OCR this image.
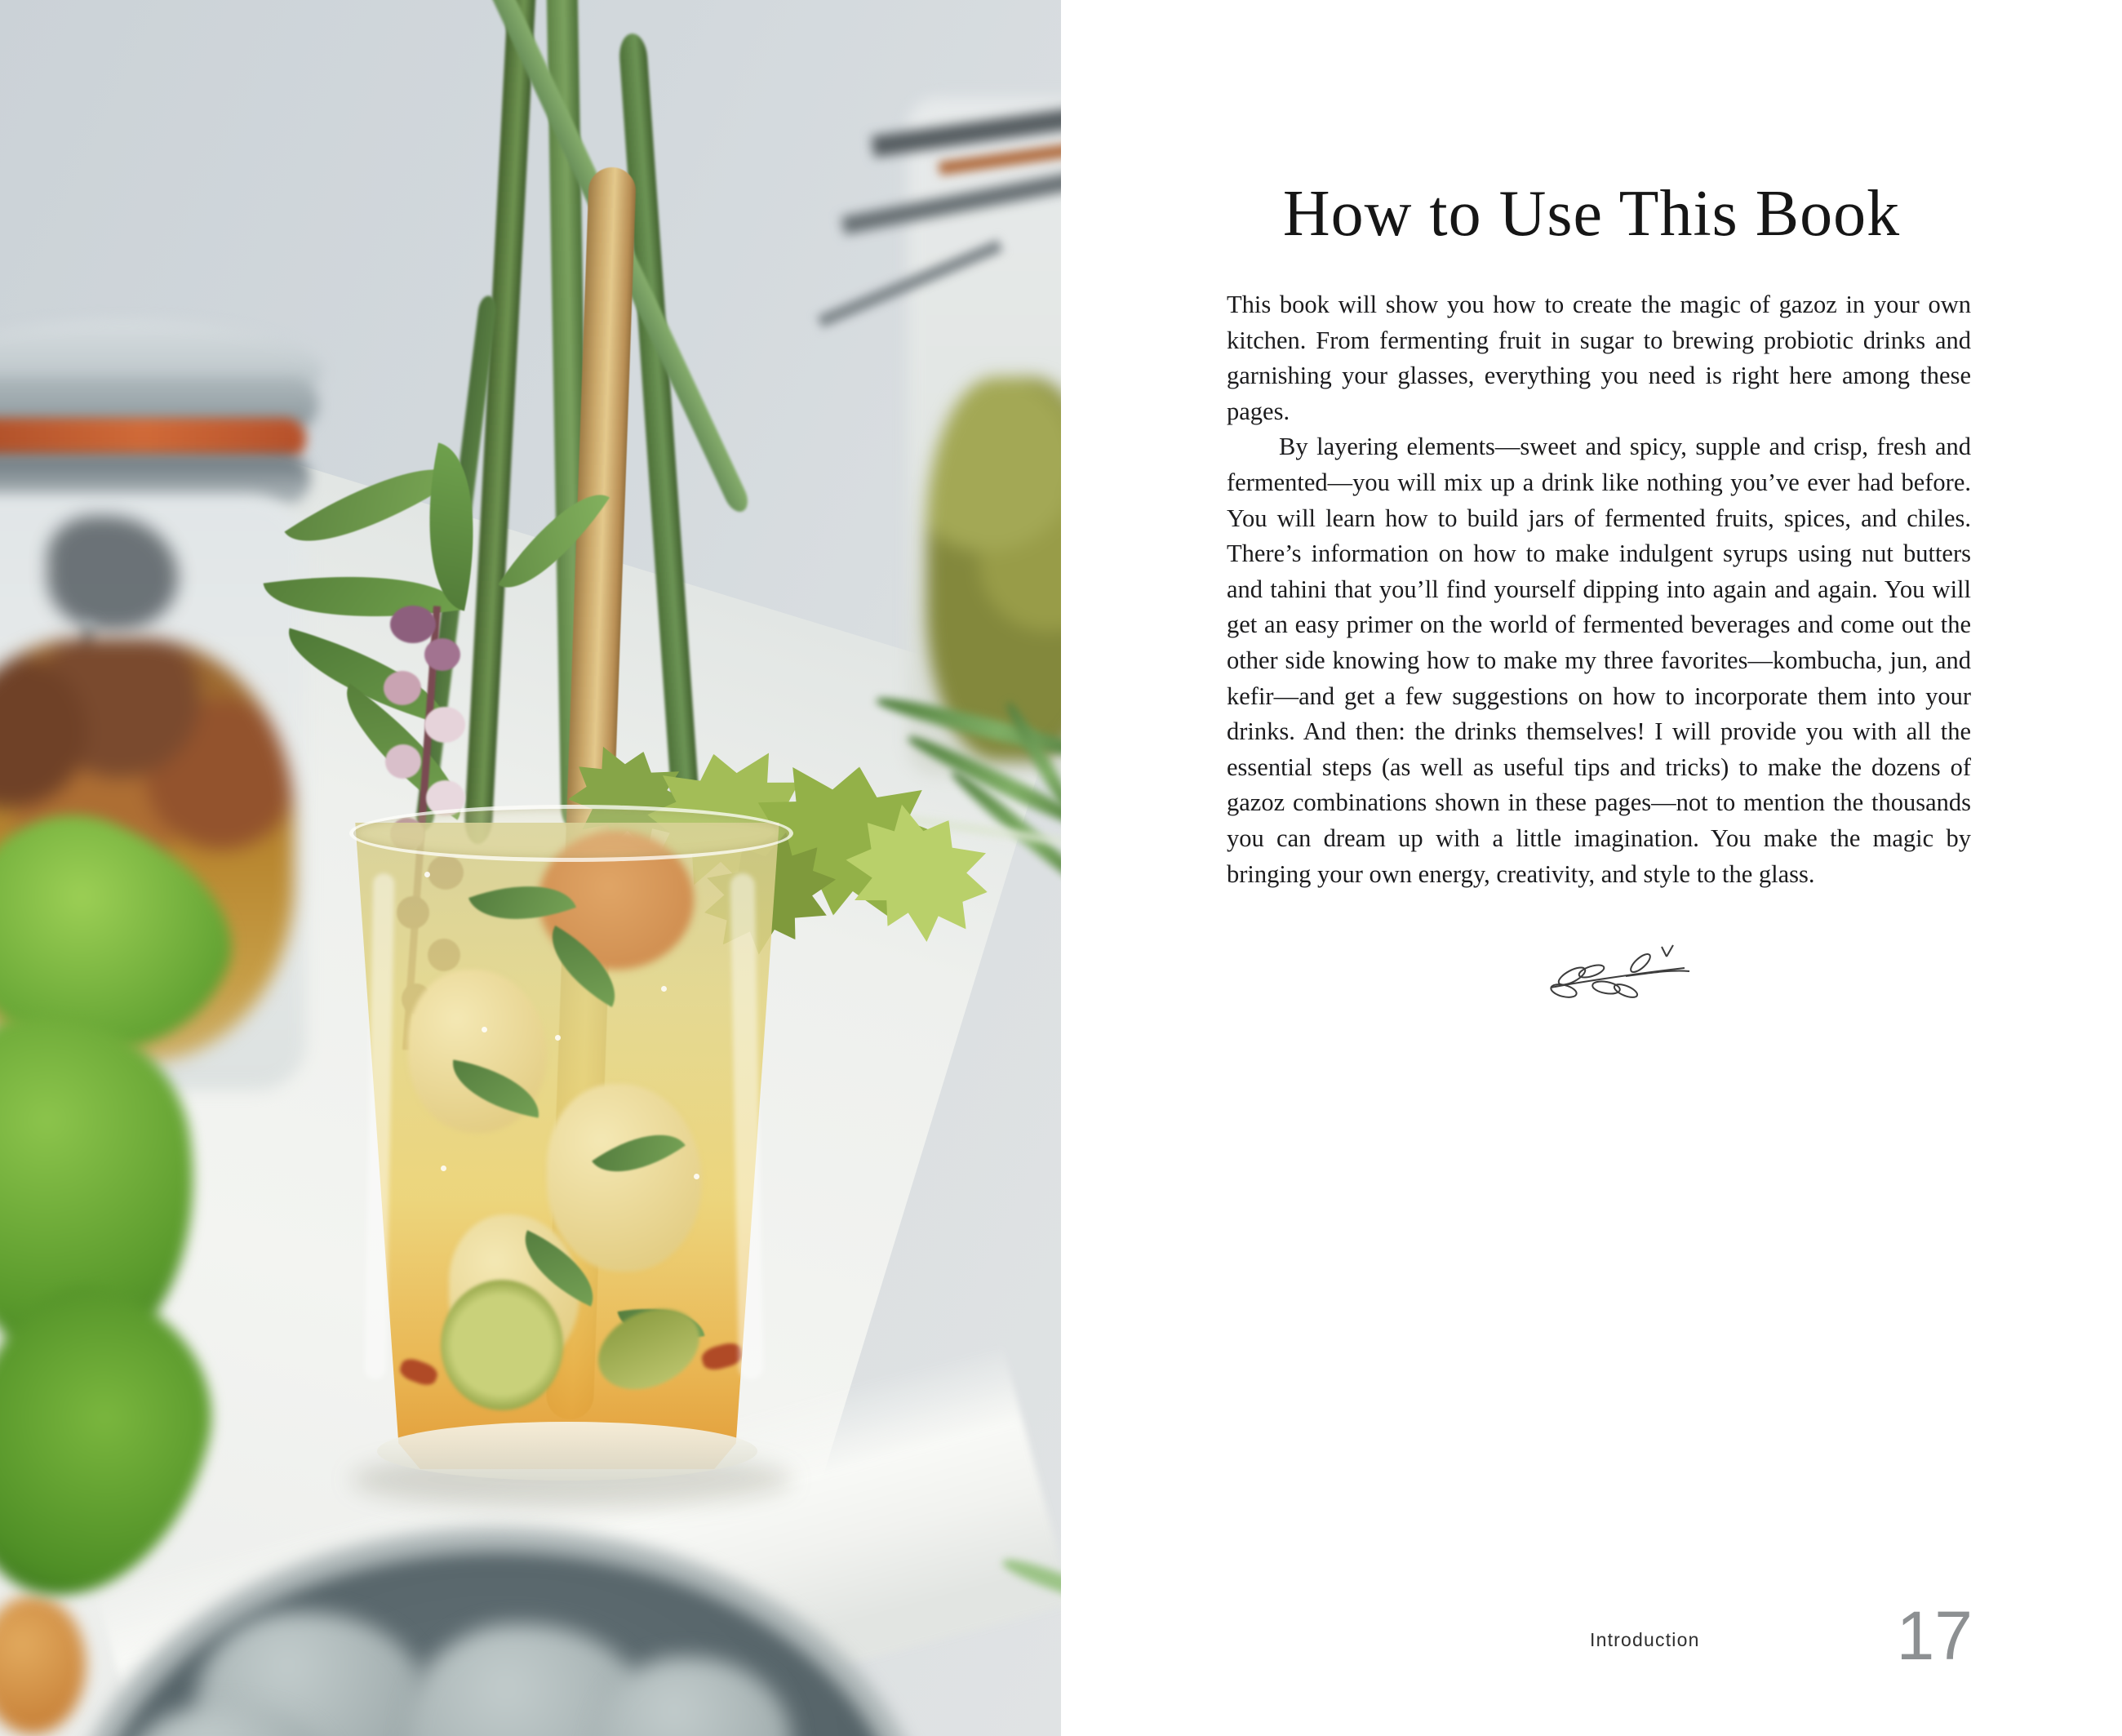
How to Use This Book

This book will show you how to create the magic of gazoz in your own kitchen. From fermenting fruit in sugar to brewing probiotic drinks and garnishing your glasses, everything you need is right here among these pages.

By layering elements—sweet and spicy, supple and crisp, fresh and fermented—you will mix up a drink like nothing you’ve ever had before. You will learn how to build jars of fermented fruits, spices, and chiles. There’s information on how to make indulgent syrups using nut butters and tahini that you’ll find yourself dipping into again and again. You will get an easy primer on the world of fermented beverages and come out the other side knowing how to make my three favorites—kombucha, jun, and kefir—and get a few suggestions on how to incorporate them into your drinks. And then: the drinks themselves! I will provide you with all the essential steps (as well as useful tips and tricks) to make the dozens of gazoz combinations shown in these pages—not to mention the thousands you can dream up with a little imagination. You make the magic by bringing your own energy, creativity, and style to the glass.

Introduction	17
